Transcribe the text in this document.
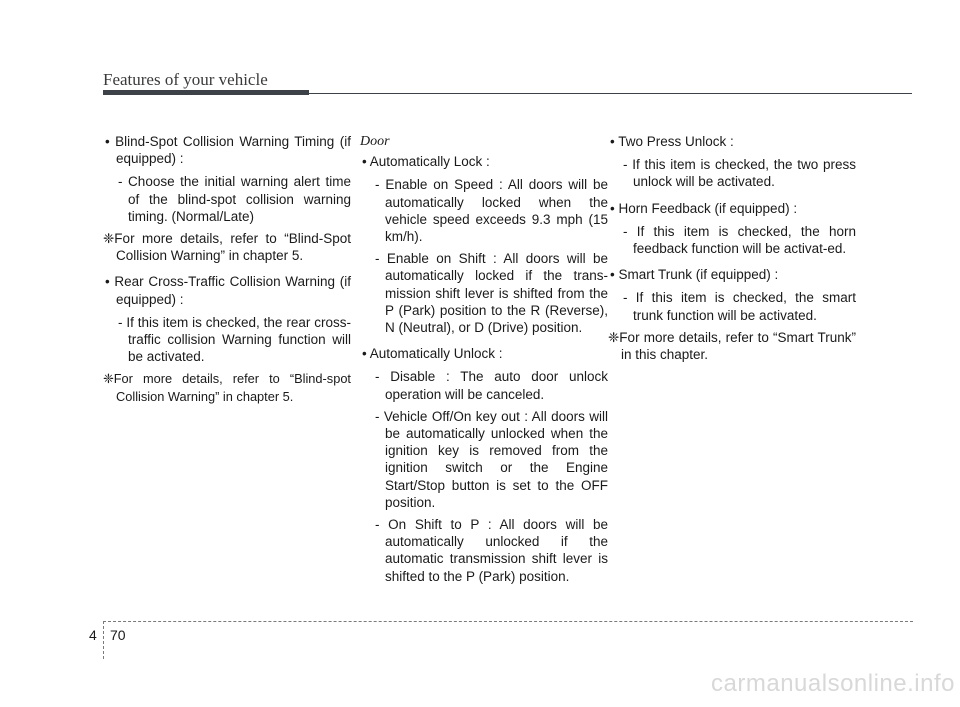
Features of your vehicle

• Blind-Spot Collision Warning Timing (if equipped) :

- Choose the initial warning alert time of the blind-spot collision warning timing. (Normal/Late)

❈For more details, refer to “Blind-Spot Collision Warning” in chapter 5.

• Rear Cross-Traffic Collision Warning (if equipped) :

- If this item is checked, the rear cross-traffic collision Warning function will be activated.

❈For more details, refer to “Blind-spot Collision Warning” in chapter 5.

Door

• Automatically Lock :

- Enable on Speed : All doors will be automatically locked when the vehicle speed exceeds 9.3 mph (15 km/h).

- Enable on Shift : All doors will be automatically locked if the trans-mission shift lever is shifted from the P (Park) position to the R (Reverse), N (Neutral), or D (Drive) position.

• Automatically Unlock :

- Disable : The auto door unlock operation will be canceled.

- Vehicle Off/On key out : All doors will be automatically unlocked when the ignition key is removed from the ignition switch or the Engine Start/Stop button is set to the OFF position.

- On Shift to P : All doors will be automatically unlocked if the automatic transmission shift lever is shifted to the P (Park) position.

• Two Press Unlock :

- If this item is checked, the two press unlock will be activated.

• Horn Feedback (if equipped) :

- If this item is checked, the horn feedback function will be activat-ed.

• Smart Trunk (if equipped) :

- If this item is checked, the smart trunk function will be activated.

❈For more details, refer to “Smart Trunk” in this chapter.

4 70
carmanualsonline.info
